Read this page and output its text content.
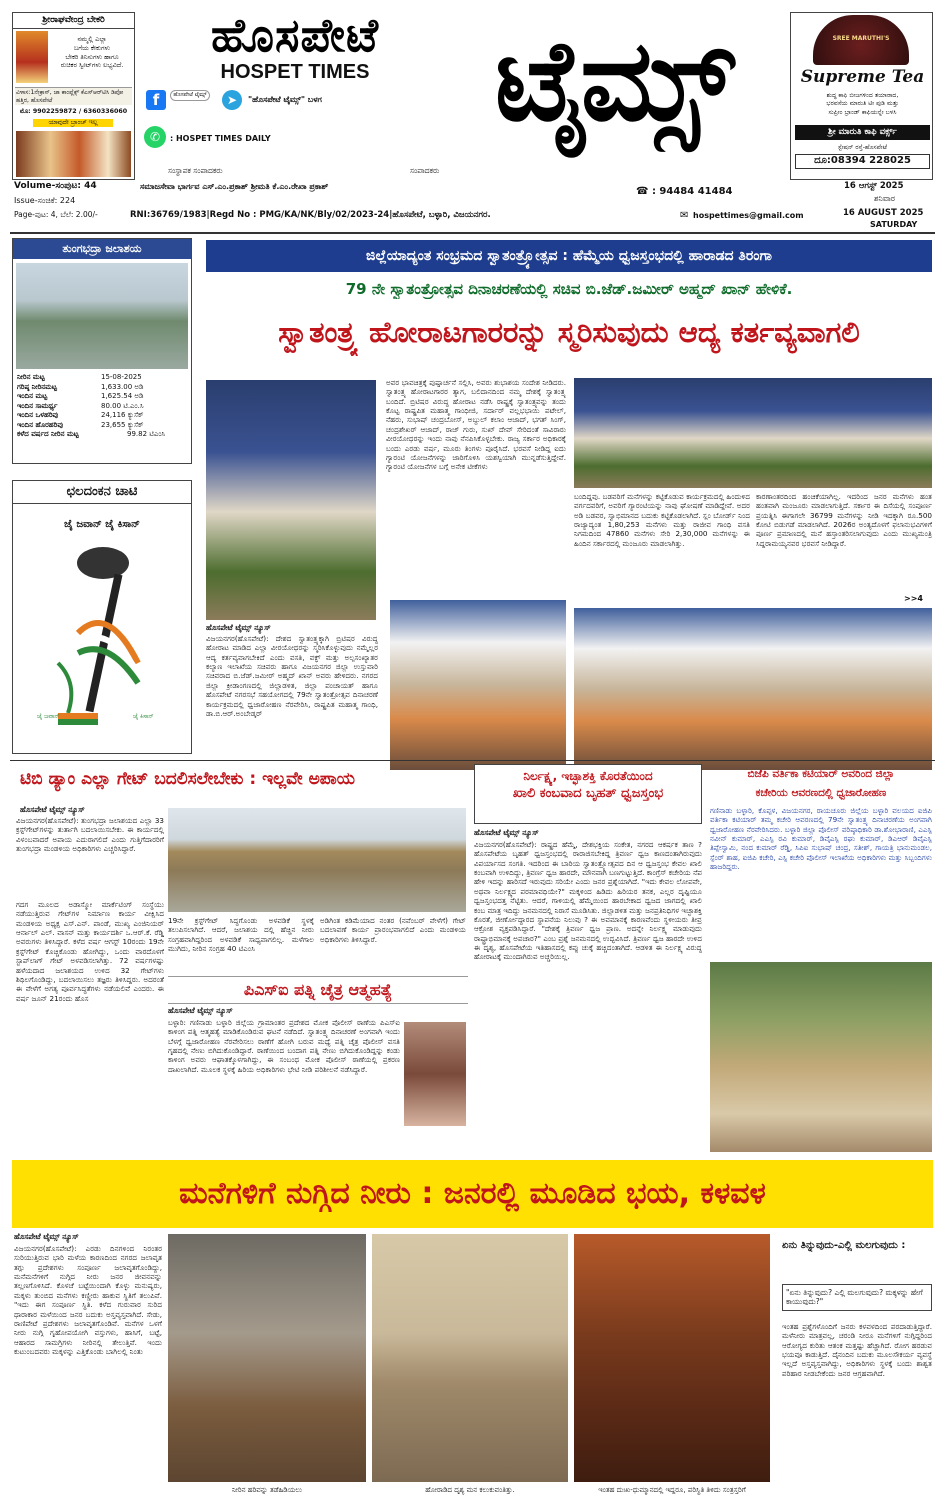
ಶ್ರೀರಾಘವೇಂದ್ರ ಬೇಕರಿ
ನಮ್ಮಲ್ಲಿ ಎಲ್ಲಾ
ಬಗೆಯ ಕೇಕುಗಳು
ಬೇಕರಿ ತಿನಿಸುಗಳು ಹಾಗೂ
ರುಚಿಕರ ಸ್ವೀಟ್‌ಗಳು ಲಭ್ಯವಿದೆ.
ವಿಳಾಸ:1ನೇಕ್ರಾಸ್, ಜಾ ಕಾಂಪ್ಲೆಕ್ಸ್ ಕೆಎಸ್‌ಆರ್‌ಟಿಸಿ ಡಿಪೋ ಹತ್ತಿರ, ಹೊಸಪೇಟೆ
ಮೊ: 9902259872 / 6360336060
ಯಾವುದೇ ಬ್ರಾಂಚ್ ಇಲ್ಲ
ಹೊಸಪೇಟೆ
HOSPET TIMES
f	ಹೊಸಪೇಟೆ ಟೈಮ್ಸ್	➤	"ಹೊಸಪೇಟೆ ಟೈಮ್ಸ್" ಬಳಗ
✆	: HOSPET TIMES DAILY	ಟೈಮ್ಸ್	SREE MARUTHI'S
Supreme Tea
ಶುದ್ಧ ಕಾಫಿ ಬೀಜಗಳಿಂದ ತಯಾರಾದ,
ಭರವಸೆಯ ಮಾರುತಿ ಟೀ ಪುಡಿ ಮತ್ತು
ಸುಪ್ರೀಂ ಬ್ರಾಂಡ್ ಕಾಫಿಯನ್ನೇ ಬಳಸಿ
ಶ್ರೀ ಮಾರುತಿ ಕಾಫಿ ವರ್ಕ್ಸ್
ಸ್ಟೇಷನ್ ರಸ್ತೆ-ಹೊಸಪೇಟೆ
ದೂ:08394 228025
Volume-ಸಂಪುಟ: 44
Issue-ಸಂಚಿಕೆ: 224
Page-ಪುಟ: 4, ಬೆಲೆ: 2.00/-
ಸಂಸ್ಥಾಪಕ ಸಂಪಾದಕರು	ಸಂಪಾದಕರು
ಸಮಾಜಸೇವಾ ಭಾರ್ಗವ ಎಸ್.ಎಂ.ಪ್ರಕಾಶ್ ಶ್ರೀಮತಿ ಕೆ.ಎಂ.ರೇಖಾ ಪ್ರಕಾಶ್	☎ : 94484 41484	16 ಆಗಸ್ಟ್ 2025
ಶನಿವಾರ
RNI:36769/1983|Regd No : PMG/KA/NK/Bly/02/2023-24|ಹೊಸಪೇಟೆ, ಬಳ್ಳಾರಿ, ವಿಜಯನಗರ.	✉ hospettimes@gmail.com	16 AUGUST 2025
SATURDAY
ತುಂಗಭದ್ರಾ ಜಲಾಶಯ
ನೀರಿನ ಮಟ್ಟ	15-08-2025
ಗರಿಷ್ಠ ನೀರಿನಮಟ್ಟ	1,633.00 ಅಡಿ
ಇಂದಿನ ಮಟ್ಟ	1,625.54 ಅಡಿ
ಇಂದಿನ ಸಾಮರ್ಥ್ಯ	80.00 ಟಿ.ಎಂ.ಸಿ
ಇಂದಿನ ಒಳಹರಿವು	24,116 ಕ್ಯುಸೆಕ್
ಇಂದಿನ ಹೊರಹರಿವು	23,655 ಕ್ಯುಸೆಕ್
ಕಳೆದ ವರ್ಷದ ನೀರಿನ ಮಟ್ಟ	99.82 ಟಿಎಂಸಿ
ಛಲದಂಕನ ಚಾಟಿ
ಜೈ ಜವಾನ್ ಜೈ ಕಿಸಾನ್
ಜೈ ಜವಾನ್	ಜೈ ಕಿಸಾನ್
ಜಿಲ್ಲೆಯಾದ್ಯಂತ ಸಂಭ್ರಮದ ಸ್ವಾತಂತ್ರ್ಯೋತ್ಸವ : ಹೆಮ್ಮೆಯ ಧ್ವಜಸ್ತಂಭದಲ್ಲಿ ಹಾರಾಡದ ತಿರಂಗಾ
79 ನೇ ಸ್ವಾತಂತ್ರೋತ್ಸವ ದಿನಾಚರಣೆಯಲ್ಲಿ ಸಚಿವ ಬಿ.ಜೆಡ್.ಜಮೀರ್ ಅಹ್ಮದ್ ಖಾನ್ ಹೇಳಿಕೆ.
ಸ್ವಾತಂತ್ರ್ಯ ಹೋರಾಟಗಾರರನ್ನು ಸ್ಮರಿಸುವುದು ಆದ್ಯ ಕರ್ತವ್ಯವಾಗಲಿ
ಹೊಸಪೇಟೆ ಟೈಮ್ಸ್ ನ್ಯೂಸ್
ವಿಜಯನಗರ(ಹೊಸಪೇಟೆ): ದೇಶದ ಸ್ವಾತಂತ್ರ್ಯಕ್ಕಾಗಿ ಬ್ರಿಟಿಷರ ವಿರುದ್ಧ ಹೋರಾಟ ಮಾಡಿದ ಎಲ್ಲಾ ವೀರಯೋಧರನ್ನು ಸ್ಮರಿಸಿಕೊಳ್ಳುವುದು ನಮ್ಮೆಲ್ಲರ ಆದ್ಯ ಕರ್ತವ್ಯವಾಗಬೇಕಿದೆ ಎಂದು ವಸತಿ, ವಕ್ಫ್ ಮತ್ತು ಅಲ್ಪಸಂಖ್ಯಾತರ ಕಲ್ಯಾಣ ಇಲಾಖೆಯ ಸಚಿವರು ಹಾಗೂ ವಿಜಯನಗರ ಜಿಲ್ಲಾ ಉಸ್ತುವಾರಿ ಸಚಿವರಾದ ಬಿ.ಜೆಡ್.ಜಮೀರ್ ಅಹ್ಮದ್ ಖಾನ್ ಅವರು ಹೇಳಿದರು. ನಗರದ ಜಿಲ್ಲಾ ಕ್ರೀಡಾಂಗಣದಲ್ಲಿ ಜಿಲ್ಲಾಡಳಿತ, ಜಿಲ್ಲಾ ಪಂಚಾಯತ್ ಹಾಗೂ ಹೊಸಪೇಟೆ ನಗರಸಭೆ ಸಹಯೋಗದಲ್ಲಿ 79ನೇ ಸ್ವಾತಂತ್ರೋತ್ಸವ ದಿನಾಚರಣೆ ಕಾರ್ಯಕ್ರಮದಲ್ಲಿ ಧ್ವಜಾರೋಹಣ ನೆರವೇರಿಸಿ, ರಾಷ್ಟ್ರಪಿತ ಮಹಾತ್ಮ ಗಾಂಧಿ, ಡಾ.ಬಿ.ಆರ್.ಅಂಬೇಡ್ಕರ್
ಅವರ ಭಾವಚಿತ್ರಕ್ಕೆ ಪುಷ್ಪಾರ್ಚನೆ ಸಲ್ಲಿಸಿ, ಅವರು ಶುಭಾಶಯ ಸಂದೇಶ ನೀಡಿದರು. ಸ್ವಾತಂತ್ರ್ಯ ಹೋರಾಟಗಾರರ ತ್ಯಾಗ, ಬಲಿದಾನದಿಂದ ನಮ್ಮ ದೇಶಕ್ಕೆ ಸ್ವಾತಂತ್ರ್ಯ ಬಂದಿದೆ. ಬ್ರಿಟಿಷರ ವಿರುದ್ಧ ಹೋರಾಟ ನಡೆಸಿ ರಾಷ್ಟ್ರಕ್ಕೆ ಸ್ವಾತಂತ್ರ್ಯವನ್ನು ತಂದು ಕೊಟ್ಟ ರಾಷ್ಟ್ರಪಿತ ಮಹಾತ್ಮ ಗಾಂಧೀಜಿ, ಸರ್ದಾರ್ ವಲ್ಲಭಭಾಯಿ ಪಟೇಲ್, ನೆಹರು, ಸುಭಾಷ್ ಚಂದ್ರಬೋಸ್, ಅಬ್ದುಲ್ ಕಲಾಂ ಆಜಾದ್, ಭಗತ್ ಸಿಂಗ್, ಚಂದ್ರಶೇಖರ್ ಆಜಾದ್, ರಾಜ್ ಗುರು, ಸುಖ್ ದೇವ್ ಸೇರಿದಂತೆ ಸಾವಿರಾರು ವೀರಯೋಧರನ್ನು ಇಂದು ನಾವು ನೆನಪಿಸಿಕೊಳ್ಳಬೇಕು. ರಾಜ್ಯ ಸರ್ಕಾರ ಅಧಿಕಾರಕ್ಕೆ ಬಂದು ಎರಡು ವರ್ಷ, ಮೂರು ತಿಂಗಳು ಪೂರೈಸಿದೆ. ಭರವಸೆ ನೀಡಿದ್ದ ಐದು ಗ್ಯಾರಂಟಿ ಯೋಜನೆಗಳನ್ನು ಜಾರಿಗೊಳಿಸಿ ಯಶಸ್ವಿಯಾಗಿ ಮುನ್ನಡೆಸುತ್ತಿದ್ದೇವೆ. ಗ್ಯಾರಂಟಿ ಯೋಜನೆಗಳ ಬಗ್ಗೆ ಅನೇಕ ಟೀಕೆಗಳು
ಬಂದಿದ್ದವು. ಬಡವರಿಗೆ ಮನೆಗಳನ್ನು ಕಟ್ಟಿಕೊಡುವ ಕಾರ್ಯಕ್ರಮದಲ್ಲಿ ಹಿಂದುಳಿದ ವರ್ಗದವರಿಗೆ, ಅವರಿಗೆ ಗ್ಯಾರಂಟಿಯನ್ನು ನಾವು ಘೋಷಣೆ ಮಾಡಿದ್ದೇವೆ. ಅದರ ಅಡಿ ಬಡವರ, ಸ್ವಾಭಿಮಾನದ ಬದುಕು ಕಟ್ಟಿಕೊಡಲಾಗಿದೆ. ಸ್ಲಂ ಬೋರ್ಡ್ ನಿಂದ ರಾಜ್ಯಾದ್ಯಂತ 1,80,253 ಮನೆಗಳು ಮತ್ತು ರಾಜೀವ ಗಾಂಧಿ ವಸತಿ ನಿಗಮದಿಂದ 47860 ಮನೆಗಳು ಸೇರಿ 2,30,000 ಮನೆಗಳನ್ನು ಈ ಹಿಂದಿನ ಸರ್ಕಾರದಲ್ಲಿ ಮಂಜೂರು ಮಾಡಲಾಗಿತ್ತು.
ಕಾರಣಾಂತರದಿಂದ ಹಂಚಿಕೆಯಾಗಿಲ್ಲ. ಇದರಿಂದ ಜನರ ಮನೆಗಳು ಹಂತ ಹಂತವಾಗಿ ಮಂಜೂರು ಮಾಡಲಾಗುತ್ತಿದೆ. ಸರ್ಕಾರ ಈ ದಿಸೆಯಲ್ಲಿ ಸಂಪೂರ್ಣ ಪ್ರಯತ್ನಿಸಿ ಈಗಾಗಲೇ 36799 ಮನೆಗಳನ್ನು ನೀಡಿ ಇದಕ್ಕಾಗಿ ರೂ.500 ಕೋಟಿ ಬಿಡುಗಡೆ ಮಾಡಲಾಗಿದೆ. 2026ರ ಅಂತ್ಯದೊಳಗೆ ಫಲಾನುಭವಿಗಳಿಗೆ ಪೂರ್ಣ ಪ್ರಮಾಣದಲ್ಲಿ ಮನೆ ಹಸ್ತಾಂತರಿಸಲಾಗುವುದು ಎಂದು ಮುಖ್ಯಮಂತ್ರಿ ಸಿದ್ದರಾಮಯ್ಯನವರ ಭರವಸೆ ನೀಡಿದ್ದಾರೆ.
>>4
ಟಿಬಿ ಡ್ಯಾಂ ಎಲ್ಲಾ ಗೇಟ್ ಬದಲಿಸಲೇಬೇಕು : ಇಲ್ಲವೇ ಅಪಾಯ
ಹೊಸಪೇಟೆ ಟೈಮ್ಸ್ ನ್ಯೂಸ್
ವಿಜಯನಗರ(ಹೊಸಪೇಟೆ): ತುಂಗಭದ್ರಾ ಜಲಾಶಯದ ಎಲ್ಲಾ 33 ಕ್ರಸ್ಟ್‌ಗೇಟ್‌ಗಳನ್ನು ತುರ್ತಾಗಿ ಬದಲಾಯಿಸಬೇಕು. ಈ ಕಾರ್ಯದಲ್ಲಿ ವಿಳಂಬವಾದರೆ ಅಪಾಯ ಎದುರಾಗಲಿದೆ ಎಂದು ಗುತ್ತಿಗೆದಾರರಿಗೆ ತುಂಗಭದ್ರಾ ಮಂಡಳಿಯ ಅಧಿಕಾರಿಗಳು ಎಚ್ಚರಿಸಿದ್ದಾರೆ.
ಗದಗ ಮೂಲದ ಅಡಾಸ್ಮೋ ಮಾರ್ಕೆಟಿಂಗ್ ಸಂಸ್ಥೆಯು ನಡೆಯುತ್ತಿರುವ ಗೇಟ್‌ಗಳ ನಿರ್ಮಾಣ ಕಾರ್ಯ ವೀಕ್ಷಿಸಿದ ಮಂಡಳಿಯ ಅಧ್ಯಕ್ಷ ಎಸ್.ಎನ್. ಪಾಂಡೆ, ಮುಖ್ಯ ಎಂಜಿನಿಯರ್ ಆರ್ನಾಲ್ ಎಲ್. ವಾಸನ್ ಮತ್ತು ಕಾರ್ಯದರ್ಶಿ ಒ.ಆರ್.ಕೆ. ರೆಡ್ಡಿ ಅವರುಗಳು ತಿಳಿಸಿದ್ದಾರೆ. ಕಳೆದ ವರ್ಷ ಆಗಸ್ಟ್ 10ರಂದು 19ನೇ ಕ್ರಸ್ಟ್‌ಗೇಟ್ ಕೊಚ್ಚಿಕೊಂಡು ಹೋಗಿದ್ದು, ಒಂದು ವಾರದೊಳಗೆ ಸ್ಟಾಪ್‌ಲಾಗ್ ಗೇಟ್ ಅಳವಡಿಸಲಾಗಿತ್ತು. 72 ವರ್ಷಗಳಷ್ಟು ಹಳೆಯದಾದ ಜಲಾಶಯದ ಉಳಿದ 32 ಗೇಟ್‌ಗಳು ಶಿಥಿಲಗೊಂಡಿದ್ದು, ಬದಲಾಯಿಸಲು ತಜ್ಞರು ತಿಳಿಸಿದ್ದರು. ಅದರಂತೆ ಈ ವೇಳೆಗೆ ಅಗತ್ಯ ಪೂರ್ವಸಿದ್ಧತೆಗಳು ನಡೆಯಲಿವೆ ಎಂದರು. ಈ ವರ್ಷ ಜೂನ್ 21ರಂದು ಹೊಸ
19ನೇ ಕ್ರಸ್ಟ್‌ಗೇಟ್ ಸಿದ್ಧಗೊಂಡು ಅಳವಡಿಕೆ ಸ್ಥಳಕ್ಕೆ ತಲುಪಿಸಲಾಗಿದೆ. ಆದರೆ, ಜಲಾಶಯ ದಲ್ಲಿ ಹೆಚ್ಚಿನ ನೀರು ಸಂಗ್ರಹವಾಗಿದ್ದರಿಂದ ಅಳವಡಿಕೆ ಸಾಧ್ಯವಾಗಲಿಲ್ಲ. ಮಳೆಗಾಲ ಮುಗಿದು, ನೀರಿನ ಸಂಗ್ರಹ 40 ಟಿಎಂಸಿ
ಅಡಿಗಿಂತ ಕಡಿಮೆಯಾದ ನಂತರ (ನವೆಂಬರ್ ವೇಳೆಗೆ) ಗೇಟ್ ಬದಲಾವಣೆ ಕಾರ್ಯ ಪ್ರಾರಂಭವಾಗಲಿದೆ ಎಂದು ಮಂಡಳಿಯ ಅಧಿಕಾರಿಗಳು ತಿಳಿಸಿದ್ದಾರೆ.
ಪಿಎಸ್‌ಐ ಪತ್ನಿ ಚೈತ್ರ ಆತ್ಮಹತ್ಯೆ
ಹೊಸಪೇಟೆ ಟೈಮ್ಸ್ ನ್ಯೂಸ್
ಬಳ್ಳಾರಿ: ಗಣಿನಾಡು ಬಳ್ಳಾರಿ ಜಿಲ್ಲೆಯ ಗ್ರಾಮಾಂತರ ಪ್ರದೇಶದ ಮೋಕ ಪೊಲೀಸ್ ಠಾಣೆಯ ಪಿಎಸ್‌ಐ ಕಾಳಿಂಗ ಪತ್ನಿ ಆತ್ಮಹತ್ಯೆ ಮಾಡಿಕೊಂಡಿರುವ ಘಟನೆ ನಡೆದಿದೆ. ಸ್ವಾತಂತ್ರ್ಯ ದಿನಾಚರಣೆ ಅಂಗವಾಗಿ ಇಂದು ಬೆಳಗ್ಗೆ ಧ್ವಜಾರೋಹಣ ನೆರವೇರಿಸಲು ಠಾಣೆಗೆ ಹೋಗಿ ಬರುವ ಮಧ್ಯೆ ಪತ್ನಿ ಚೈತ್ರ ಪೊಲೀಸ್ ವಸತಿ ಗೃಹದಲ್ಲಿ ನೇಣು ಬಿಗಿದುಕೊಂಡಿದ್ದಾರೆ. ಠಾಣೆಯಿಂದ ಬಂದಾಗ ಪತ್ನಿ ನೇಣು ಬಿಗಿದುಕೊಂಡಿದ್ದನ್ನು ಕಂಡು ಕಾಳಿಂಗ ಅವರು ಆಘಾತಕ್ಕೊಳಗಾಗಿದ್ದು, ಈ ಸಂಬಂಧ ಮೋಕ ಪೊಲೀಸ್ ಠಾಣೆಯಲ್ಲಿ ಪ್ರಕರಣ ದಾಖಲಾಗಿದೆ. ಮೂಲಕ ಸ್ಥಳಕ್ಕೆ ಹಿರಿಯ ಅಧಿಕಾರಿಗಳು ಭೇಟಿ ನೀಡಿ ಪರಿಶೀಲನೆ ನಡೆಸಿದ್ದಾರೆ.
ನಿರ್ಲಕ್ಷ್ಯ, ಇಚ್ಛಾಶಕ್ತಿ ಕೊರತೆಯಿಂದ
ಖಾಲಿ ಕಂಬವಾದ ಬೃಹತ್ ಧ್ವಜಸ್ತಂಭ
ಹೊಸಪೇಟೆ ಟೈಮ್ಸ್ ನ್ಯೂಸ್
ವಿಜಯನಗರ(ಹೊಸಪೇಟೆ): ರಾಷ್ಟ್ರದ ಹೆಮ್ಮೆ, ದೇಶಭಕ್ತಿಯ ಸಂಕೇತ, ನಗರದ ಆಕರ್ಷಕ ತಾಣ ? ಹೊಸಪೇಟೆಯ ಬೃಹತ್ ಧ್ವಜಸ್ತಂಭದಲ್ಲಿ ರಾರಾಜಿಸಬೇಕಿದ್ದ ತ್ರಿವರ್ಣ ಧ್ವಜ ಕಾಣದಂತಾಗಿರುವುದು ವಿಪರ್ಯಾಸದ ಸಂಗತಿ. ಇದರಿಂದ ಈ ಬಾರಿಯ ಸ್ವಾತಂತ್ರ್ಯೋತ್ಸವದ ದಿನ ಆ ಧ್ವಜಸ್ತಂಭ ಕೇವಲ ಖಾಲಿ ಕಂಬವಾಗಿ ಉಳಿದಿದ್ದು, ತ್ರಿವರ್ಣ ಧ್ವಜ ಹಾರದೇ, ಮೌನವಾಗಿ ಬಣಗುಟ್ಟುತ್ತಿದೆ. ಕಾಂಗ್ರೆಸ್ ಕಚೇರಿಯ ನೆಪ ಹೇಳಿ ಇದನ್ನು ಹಾರಿಸದೆ ಇರುವುದು ಸರಿಯೇ ಎಂದು ಜನರ ಪ್ರಶ್ನೆಯಾಗಿದೆ. "ಇದು ಕೇವಲ ಲೋಪವೇ, ಅಥವಾ ನಿರ್ಲಕ್ಷ್ಯದ ಪರಮಾವಧಿಯೇ?" ಮಕ್ಕಳಿಂದ ಹಿಡಿದು ಹಿರಿಯರ ತನಕ, ಎಲ್ಲರ ದೃಷ್ಟಿಯೂ ಧ್ವಜಸ್ತಂಭದತ್ತ ನೆಟ್ಟಿತು. ಆದರೆ, ಗಾಳಿಯಲ್ಲಿ ಹೆಮ್ಮೆಯಿಂದ ಹಾರಬೇಕಾದ ಧ್ವಜದ ಜಾಗದಲ್ಲಿ ಖಾಲಿ ಕಂಬ ಮಾತ್ರ ಇದಿದ್ದು ಜನಮನದಲ್ಲಿ ನಿರಾಸೆ ಮೂಡಿಸಿತು. ಜಿಲ್ಲಾಡಳಿತ ಮತ್ತು ಜನಪ್ರತಿನಿಧಿಗಳ ಇಚ್ಛಾಶಕ್ತಿ ಕೊರತೆ, ಜೀರ್ಣೋದ್ಧಾರದ ಸ್ಥಾಪನೆಯ ನಿಲುವು ? ಈ ಅವಮಾನಕ್ಕೆ ಕಾರಣವೆಂದು ಸ್ಥಳೀಯರು ತೀವ್ರ ಆಕ್ರೋಶ ವ್ಯಕ್ತಪಡಿಸಿದ್ದಾರೆ. "ದೇಶಕ್ಕೆ ತ್ರಿವರ್ಣ ಧ್ವಜ ಪ್ರಾಣ. ಅದನ್ನೇ ನಿರ್ಲಕ್ಷ್ಯ ಮಾಡುವುದು ರಾಷ್ಟ್ರಾಭಿಮಾನಕ್ಕೆ ಅಪಚಾರ?" ಎಂಬ ಪ್ರಶ್ನೆ ಜನಮನದಲ್ಲಿ ಉದ್ಭವಿಸಿದೆ. ತ್ರಿವರ್ಣ ಧ್ವಜ ಹಾರದೇ ಉಳಿದ ಈ ದೃಶ್ಯ, ಹೊಸಪೇಟೆಯ ಇತಿಹಾಸದಲ್ಲಿ ಕಪ್ಪು ಚುಕ್ಕೆ ಹಚ್ಚಿದಂತಾಗಿದೆ. ಆಡಳಿತ ಈ ನಿರ್ಲಕ್ಷ್ಯ ವಿರುದ್ಧ ಹೋರಾಟಕ್ಕೆ ಮುಂದಾಗಿರುವ ಅಚ್ಚರಿಯಿಲ್ಲ.
ಬಿಜೆಪಿ ವರ್ತಿಕಾ ಕಟಿಯಾರ್ ಅವರಿಂದ ಜಿಲ್ಲಾ
ಕಚೇರಿಯ ಆವರಣದಲ್ಲಿ ಧ್ವಜಾರೋಹಣ
ಗಣಿನಾಡು ಬಳ್ಳಾರಿ, ಕೊಪ್ಪಳ, ವಿಜಯನಗರ, ರಾಯಚೂರು ಜಿಲ್ಲೆಯ ಬಳ್ಳಾರಿ ವಲಯದ ಐಜಿಪಿ ವರ್ತಿಕಾ ಕಟಿಯಾರ್ ತಮ್ಮ ಕಚೇರಿ ಆವರಣದಲ್ಲಿ 79ನೇ ಸ್ವಾತಂತ್ರ್ಯ ದಿನಾಚರಣೆಯ ಅಂಗವಾಗಿ ಧ್ವಜಾರೋಹಣ ನೆರವೇರಿಸಿದರು. ಬಳ್ಳಾರಿ ಜಿಲ್ಲಾ ಪೊಲೀಸ್ ವರಿಷ್ಠಾಧಿಕಾರಿ ಡಾ.ಶೋಭಾರಾಣಿ, ಎಎಸ್ಪಿ ನವೀನ್ ಕುಮಾರ್, ಎಎಸ್ಪಿ ರವಿ ಕುಮಾರ್, ಡಿವೈಎಸ್ಪಿ ರಘು ಕುಮಾರ್, ಡಿಎಆರ್ ಡಿವೈಎಸ್ಪಿ ತಿಪ್ಪೇಸ್ವಾಮಿ, ನಂದ ಕುಮಾರ್ ರೆಡ್ಡಿ, ಸಿಪಿಐ ಸುಭಾಷ್ ಚಂದ್ರ, ಸತೀಶ್, ಗಾಯತ್ರಿ ಭಾನುಮಂಡಲ, ಸ್ಪೆಂರ್ ಶಾಹ, ಐಜಿಪಿ ಕಚೇರಿ, ಎಸ್ಪಿ ಕಚೇರಿ ಪೊಲೀಸ್ ಇಲಾಖೆಯ ಅಧಿಕಾರಿಗಳು ಮತ್ತು ಸಿಬ್ಬಂದಿಗಳು ಹಾಜರಿದ್ದರು.
ಮನೆಗಳಿಗೆ ನುಗ್ಗಿದ ನೀರು : ಜನರಲ್ಲಿ ಮೂಡಿದ ಭಯ, ಕಳವಳ
ಹೊಸಪೇಟೆ ಟೈಮ್ಸ್ ನ್ಯೂಸ್
ವಿಜಯನಗರ(ಹೊಸಪೇಟೆ): ಎರಡು ದಿನಗಳಿಂದ ನಿರಂತರ ಸುರಿಯುತ್ತಿರುವ ಭಾರಿ ಮಳೆಯ ಕಾರಣದಿಂದ ನಗರದ ಜಲಾವೃತ ತಗ್ಗು ಪ್ರದೇಶಗಳು ಸಂಪೂರ್ಣ ಜಲಾವೃತಗೊಂಡಿದ್ದು, ಮನೆಮನೆಗಳಿಗೆ ನುಗ್ಗಿದ ನೀರು ಜನರ ಜೀವನವನ್ನು ತಲ್ಲಣಗೊಳಿಸಿದೆ. ಕೊಳಚೆ ಬಟ್ಟೆಯಿಂದಾಗಿ ಕೊಳ್ಳು ಮನುಷ್ಯರು, ಮಕ್ಕಳು ತುಂಬಿದ ಮನೆಗಳು ಕಣ್ಣೀರು ಹಾಕುವ ಸ್ಥಿತಿಗೆ ತಲುಪಿವೆ. "ಇದು ಈಗ ಸಂಪೂರ್ಣ ಸ್ಥಿತಿ. ಕಳೆದ ಗುರುವಾರ ಸುರಿದ ಧಾರಾಕಾರ ಮಳೆಯಿಂದ ಜನರ ಬದುಕು ಅಸ್ತವ್ಯಸ್ತವಾಗಿದೆ. ಸೇಡು, ರಾಣಿಪೇಟೆ ಪ್ರದೇಶಗಳು ಜಲಾವೃತಗೊಂಡಿವೆ. ಮನೆಗಳ ಒಳಗೆ ನೀರು ನುಗ್ಗಿ ಗೃಹೋಪಯೋಗಿ ವಸ್ತುಗಳು, ಹಾಸಿಗೆ, ಬಟ್ಟೆ, ಆಹಾರದ ಸಾಮಗ್ರಿಗಳು ನೀರಿನಲ್ಲಿ ತೇಲುತ್ತಿವೆ. ಇಂದು ಕುಟುಂಬದವರು ಮಕ್ಕಳನ್ನು ಎತ್ತಿಕೊಂಡು ಬಾಗಿಲಲ್ಲಿ ನಿಂತು
ನೀರಿನ ಹರಿವನ್ನು ತಡೆಹಿಡಿಯಲು	ಹೋರಾಡಿದ ದೃಶ್ಯ ಮನ ಕಲುಕುವಂತಿತ್ತು.	ಇಂತಹ ದುಃಖ-ಧುಮ್ಮಾನದಲ್ಲಿ ಇದ್ದರೂ, ಪರಿಸ್ಥಿತಿ ತಿಳಿದು ಸಂತ್ರಸ್ತರಿಗೆ
ಏನು ತಿನ್ನುವುದು-ಎಲ್ಲಿ ಮಲಗುವುದು :
"ಏನು ತಿನ್ನುವುದು? ಎಲ್ಲಿ ಮಲಗುವುದು? ಮಕ್ಕಳನ್ನು ಹೇಗೆ ಕಾಯುವುದು?"
ಇಂತಹ ಪ್ರಶ್ನೆಗಳೊಂದಿಗೆ ಜನರು ಕಳವಳದಿಂದ ಪರದಾಡುತ್ತಿದ್ದಾರೆ. ಮಳೆನೀರು ಮಾತ್ರವಲ್ಲ, ಚರಂಡಿ ನೀರೂ ಮನೆಗಳಿಗೆ ನುಗ್ಗಿದ್ದರಿಂದ ಆರೋಗ್ಯದ ಕುರಿತು ಆತಂಕ ಮತ್ತಷ್ಟು ಹೆಚ್ಚಾಗಿದೆ. ರೋಗ ಹರಡುವ ಭಯವೂ ಕಾಡುತ್ತಿದೆ. ದೈನಂದಿನ ಬದುಕು ಮೂಲಸೌಕರ್ಯ ವ್ಯವಸ್ಥೆ ಇಲ್ಲದೆ ಅಸ್ತವ್ಯಸ್ತವಾಗಿದ್ದು, ಅಧಿಕಾರಿಗಳು ಸ್ಥಳಕ್ಕೆ ಬಂದು ಶಾಶ್ವತ ಪರಿಹಾರ ನೀಡಬೇಕೆಂದು ಜನರ ಆಗ್ರಹವಾಗಿದೆ.
